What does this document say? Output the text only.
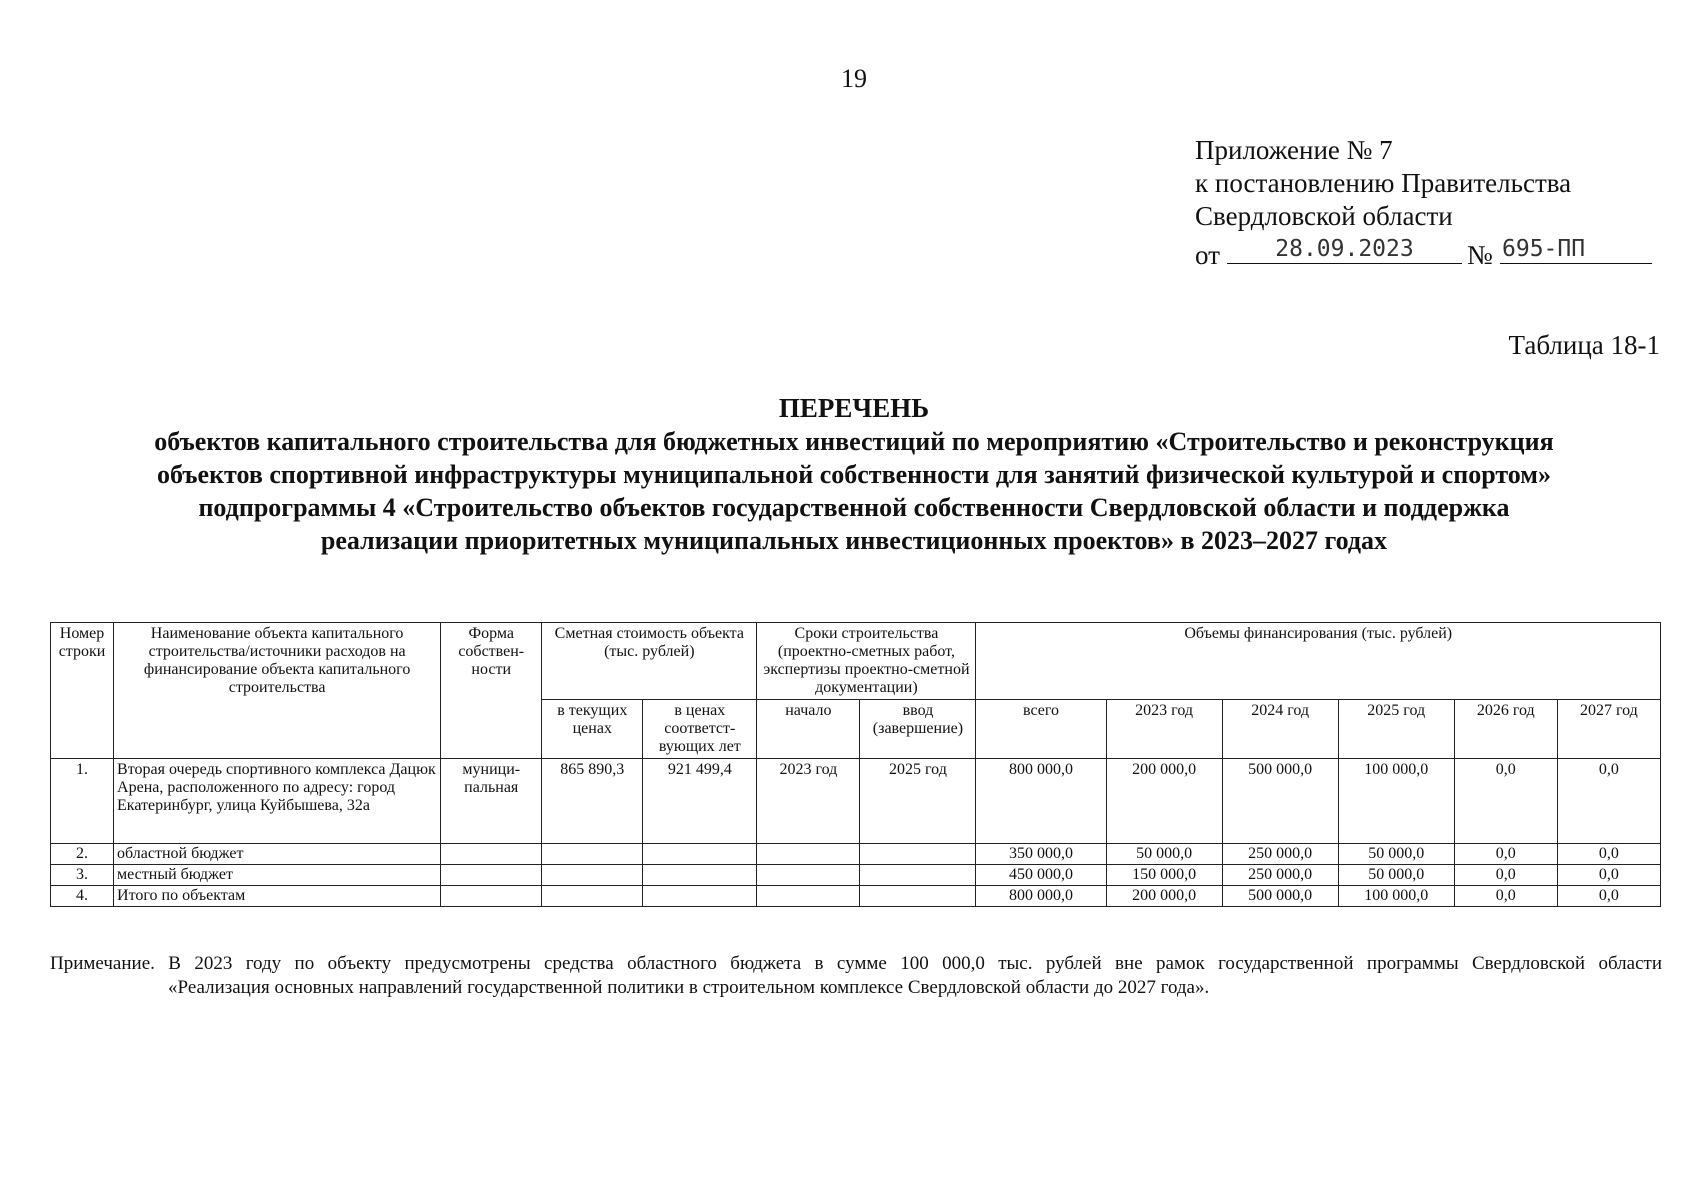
19
Приложение № 7
к постановлению Правительства
Свердловской области
от	28.09.2023	№ 695-ПП
Таблица 18-1
ПЕРЕЧЕНЬ
объектов капитального строительства для бюджетных инвестиций по мероприятию «Строительство и реконструкция
объектов спортивной инфраструктуры муниципальной собственности для занятий физической культурой и спортом»
подпрограммы 4 «Строительство объектов государственной собственности Свердловской области и поддержка
реализации приоритетных муниципальных инвестиционных проектов» в 2023–2027 годах
Номер строки	Наименование объекта капитального строительства/источники расходов на финансирование объекта капитального строительства	Форма собствен-ности	Сметная стоимость объекта (тыс. рублей)		Сроки строительства (проектно-сметных работ, экспертизы проектно-сметной документации)		Объемы финансирования (тыс. рублей)					
			в текущих ценах	в ценах соответст-вующих лет	начало	ввод (завершение)	всего	2023 год	2024 год	2025 год	2026 год	2027 год
1.	Вторая очередь спортивного комплекса Дацюк Арена, расположенного по адресу: город Екатеринбург, улица Куйбышева, 32а	муници-пальная	865 890,3	921 499,4	2023 год	2025 год	800 000,0	200 000,0	500 000,0	100 000,0	0,0	0,0
2.	областной бюджет						350 000,0	50 000,0	250 000,0	50 000,0	0,0	0,0
3.	местный бюджет						450 000,0	150 000,0	250 000,0	50 000,0	0,0	0,0
4.	Итого по объектам						800 000,0	200 000,0	500 000,0	100 000,0	0,0	0,0
Примечание. В 2023 году по объекту предусмотрены средства областного бюджета в сумме 100 000,0 тыс. рублей вне рамок государственной программы Свердловской области
«Реализация основных направлений государственной политики в строительном комплексе Свердловской области до 2027 года».
